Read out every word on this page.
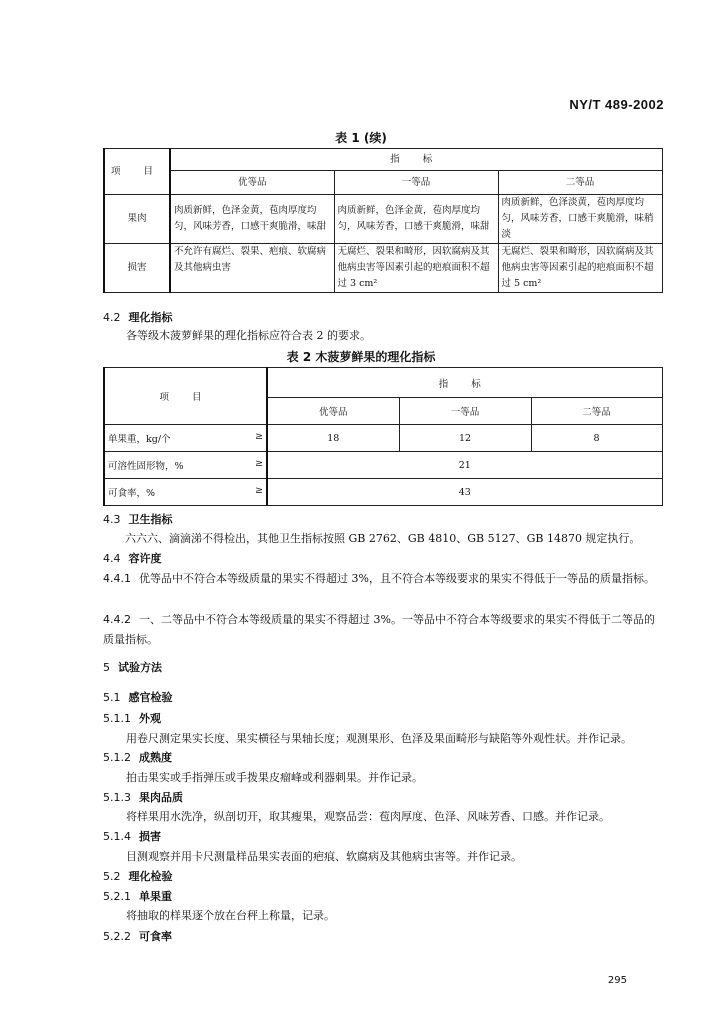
NY/T 489-2002
表 1 (续)
项 目	指 标		
	优等品	一等品	二等品
果肉	肉质新鲜，色泽金黄，苞肉厚度均匀，风味芳香，口感干爽脆滑，味甜	肉质新鲜，色泽金黄，苞肉厚度均匀，风味芳香，口感干爽脆滑，味甜	肉质新鲜，色泽淡黄，苞肉厚度均匀，风味芳香，口感干爽脆滑，味稍淡
损害	不允许有腐烂、裂果、疤痕、软腐病及其他病虫害	无腐烂、裂果和畸形，因软腐病及其他病虫害等因素引起的疤痕面积不超过 3 cm²	无腐烂、裂果和畸形，因软腐病及其他病虫害等因素引起的疤痕面积不超过 5 cm²
4.2 理化指标
各等级木菠萝鲜果的理化指标应符合表 2 的要求。
表 2 木菠萝鲜果的理化指标
项 目	指 标		
	优等品	一等品	二等品
单果重，kg/个 ≥	18	12	8
可溶性固形物，% ≥	21		
可食率，% ≥	43		
4.3 卫生指标
六六六、滴滴涕不得检出，其他卫生指标按照 GB 2762、GB 4810、GB 5127、GB 14870 规定执行。
4.4 容许度
4.4.1 优等品中不符合本等级质量的果实不得超过 3%，且不符合本等级要求的果实不得低于一等品的质量指标。
4.4.2 一、二等品中不符合本等级质量的果实不得超过 3%。一等品中不符合本等级要求的果实不得低于二等品的质量指标。
5 试验方法
5.1 感官检验
5.1.1 外观
用卷尺测定果实长度、果实横径与果轴长度；观测果形、色泽及果面畸形与缺陷等外观性状。并作记录。
5.1.2 成熟度
拍击果实或手指弹压或手拨果皮瘤峰或利器刺果。并作记录。
5.1.3 果肉品质
将样果用水洗净，纵剖切开，取其瘦果，观察品尝：苞肉厚度、色泽、风味芳香、口感。并作记录。
5.1.4 损害
目测观察并用卡尺测量样品果实表面的疤痕、软腐病及其他病虫害等。并作记录。
5.2 理化检验
5.2.1 单果重
将抽取的样果逐个放在台秤上称量，记录。
5.2.2 可食率
295
